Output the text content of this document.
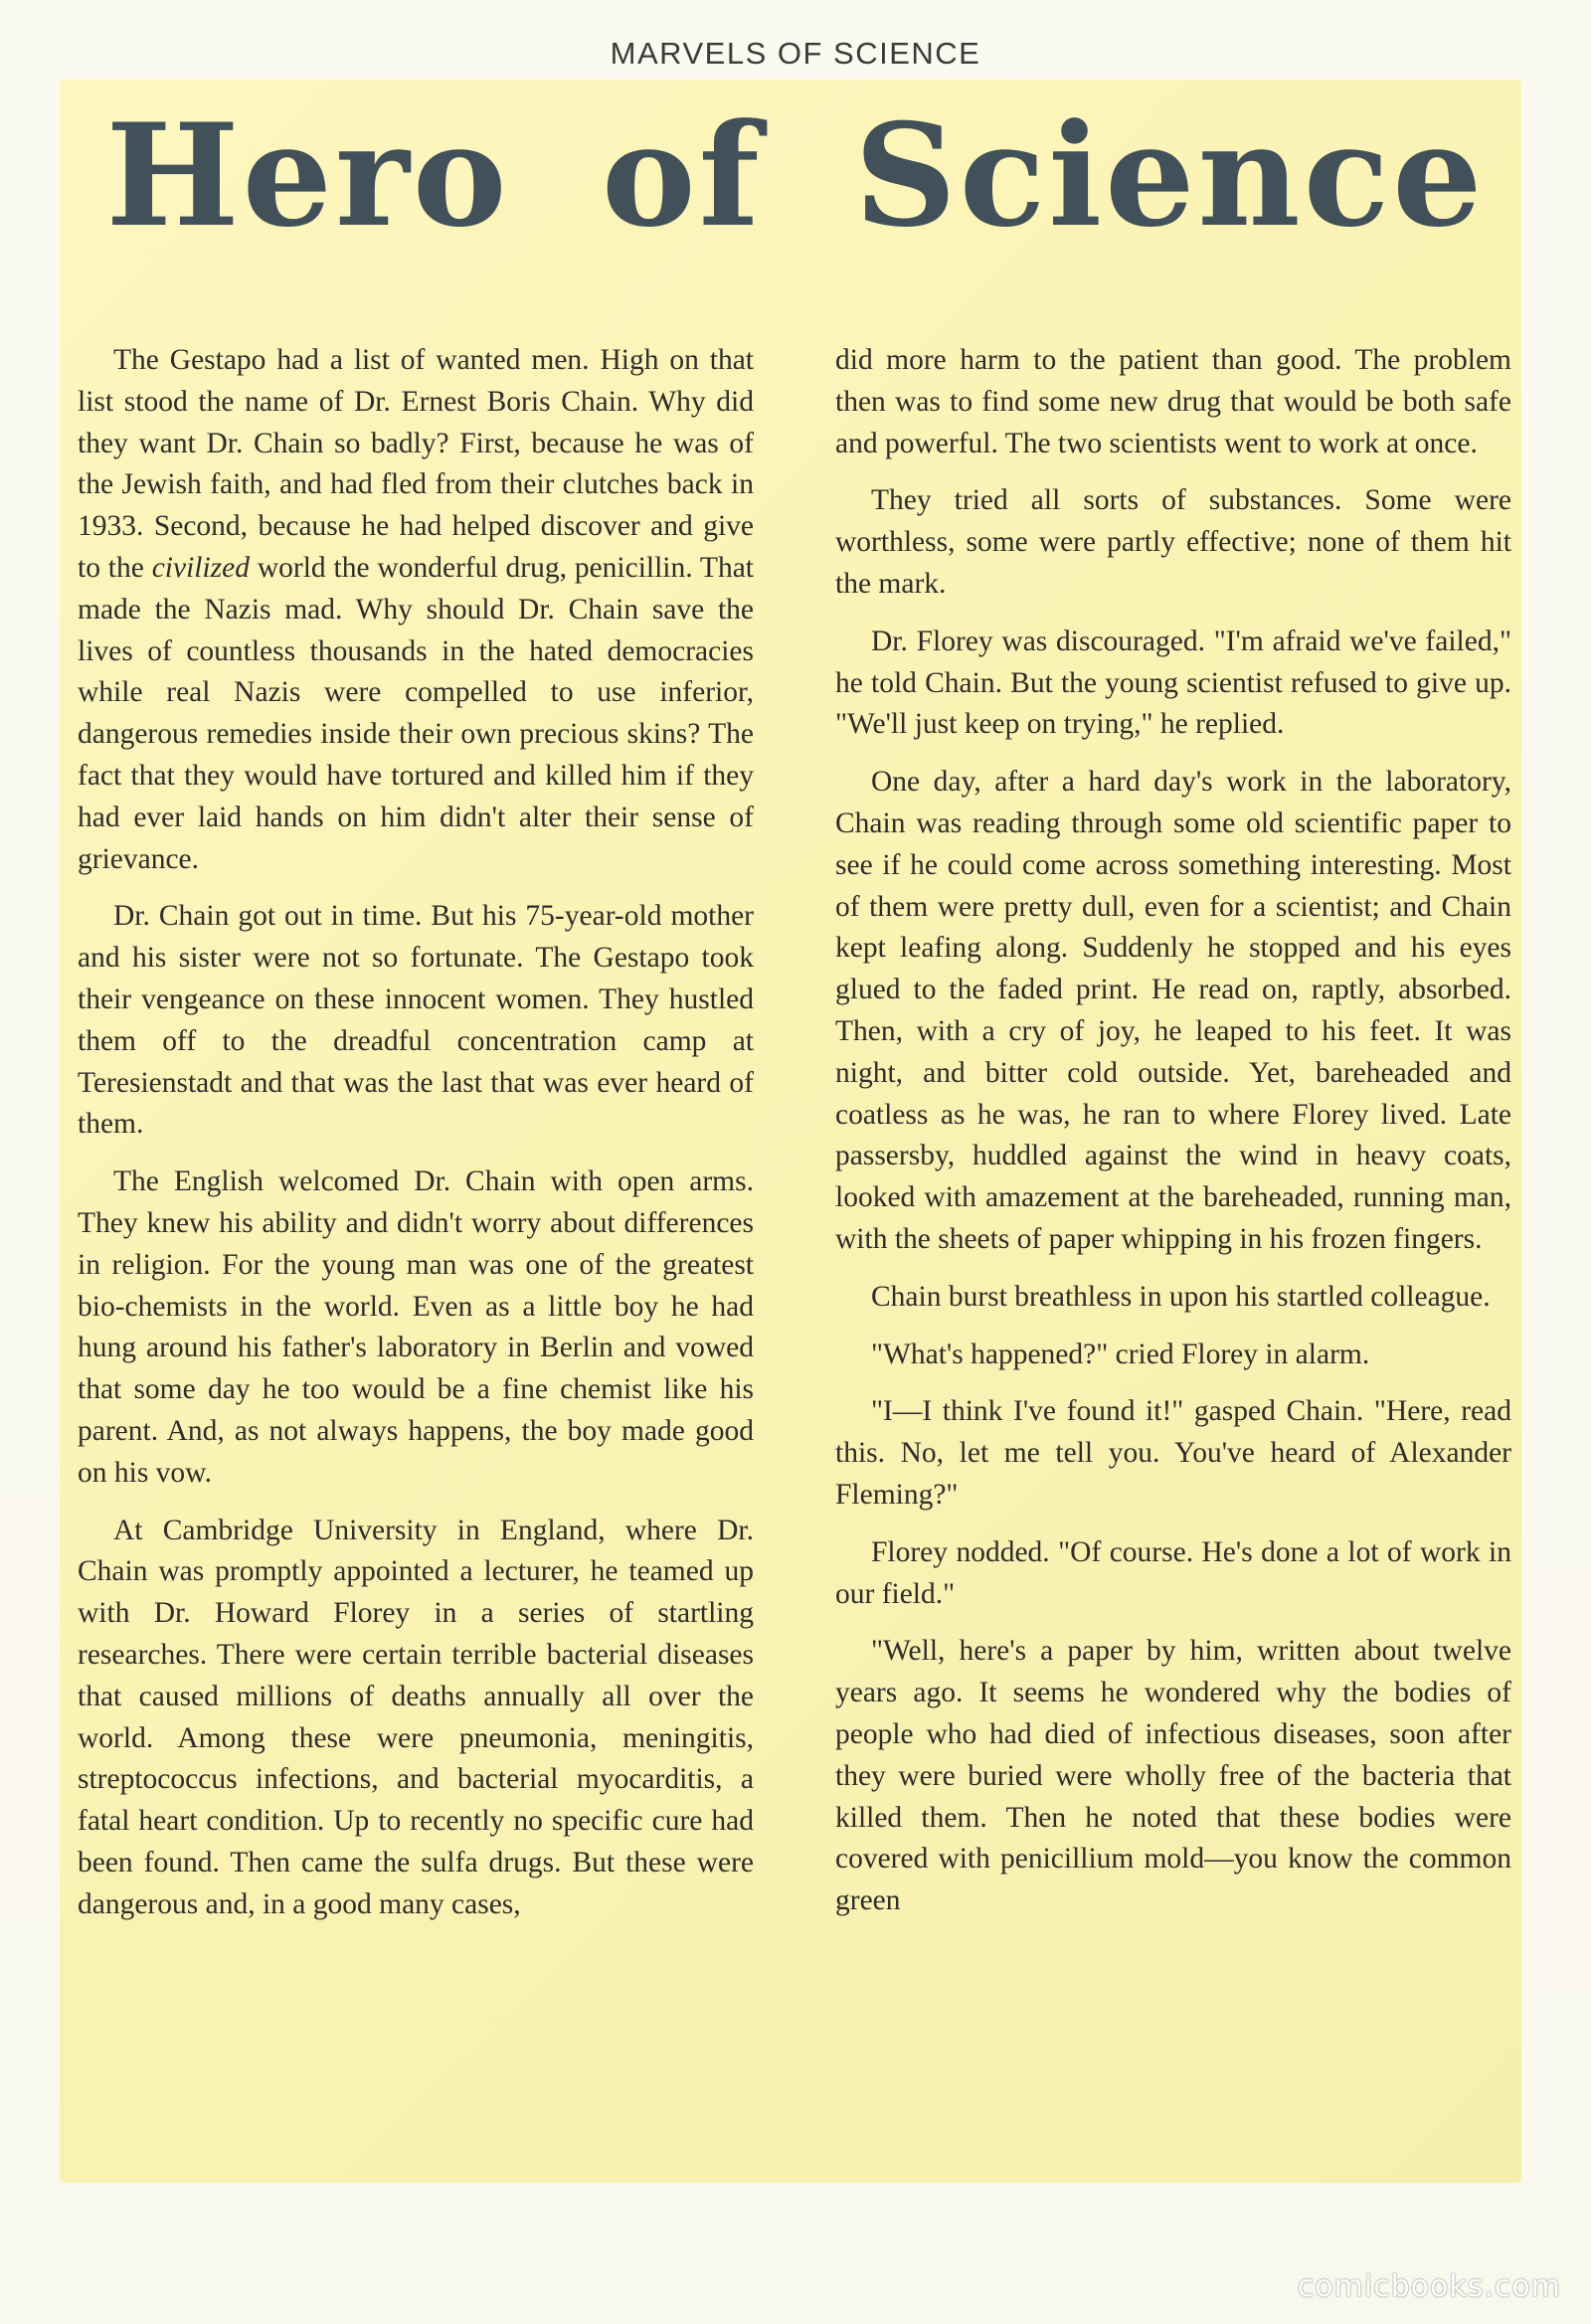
MARVELS OF SCIENCE
Hero of Science

The Gestapo had a list of wanted men. High on that list stood the name of Dr. Ernest Boris Chain. Why did they want Dr. Chain so badly? First, because he was of the Jewish faith, and had fled from their clutches back in 1933. Second, because he had helped discover and give to the civilized world the wonderful drug, penicillin. That made the Nazis mad. Why should Dr. Chain save the lives of countless thousands in the hated democracies while real Nazis were compelled to use inferior, dangerous remedies inside their own precious skins? The fact that they would have tortured and killed him if they had ever laid hands on him didn't alter their sense of grievance.

Dr. Chain got out in time. But his 75-year-old mother and his sister were not so fortunate. The Gestapo took their vengeance on these innocent women. They hustled them off to the dreadful concentration camp at Teresienstadt and that was the last that was ever heard of them.

The English welcomed Dr. Chain with open arms. They knew his ability and didn't worry about differences in religion. For the young man was one of the greatest bio-chemists in the world. Even as a little boy he had hung around his father's laboratory in Berlin and vowed that some day he too would be a fine chemist like his parent. And, as not always happens, the boy made good on his vow.

At Cambridge University in England, where Dr. Chain was promptly appointed a lecturer, he teamed up with Dr. Howard Florey in a series of startling researches. There were certain terrible bacterial diseases that caused millions of deaths annually all over the world. Among these were pneumonia, meningitis, streptococcus infections, and bacterial myocarditis, a fatal heart condition. Up to recently no specific cure had been found. Then came the sulfa drugs. But these were dangerous and, in a good many cases,

did more harm to the patient than good. The problem then was to find some new drug that would be both safe and powerful. The two scientists went to work at once.

They tried all sorts of substances. Some were worthless, some were partly effective; none of them hit the mark.

Dr. Florey was discouraged. "I'm afraid we've failed," he told Chain. But the young scientist refused to give up. "We'll just keep on trying," he replied.

One day, after a hard day's work in the laboratory, Chain was reading through some old scientific paper to see if he could come across something interesting. Most of them were pretty dull, even for a scientist; and Chain kept leafing along. Suddenly he stopped and his eyes glued to the faded print. He read on, raptly, absorbed. Then, with a cry of joy, he leaped to his feet. It was night, and bitter cold outside. Yet, bareheaded and coatless as he was, he ran to where Florey lived. Late passersby, huddled against the wind in heavy coats, looked with amazement at the bareheaded, running man, with the sheets of paper whipping in his frozen fingers.

Chain burst breathless in upon his startled colleague.

"What's happened?" cried Florey in alarm.

"I—I think I've found it!" gasped Chain. "Here, read this. No, let me tell you. You've heard of Alexander Fleming?"

Florey nodded. "Of course. He's done a lot of work in our field."

"Well, here's a paper by him, written about twelve years ago. It seems he wondered why the bodies of people who had died of infectious diseases, soon after they were buried were wholly free of the bacteria that killed them. Then he noted that these bodies were covered with penicillium mold—you know the common green

comicbooks.com
